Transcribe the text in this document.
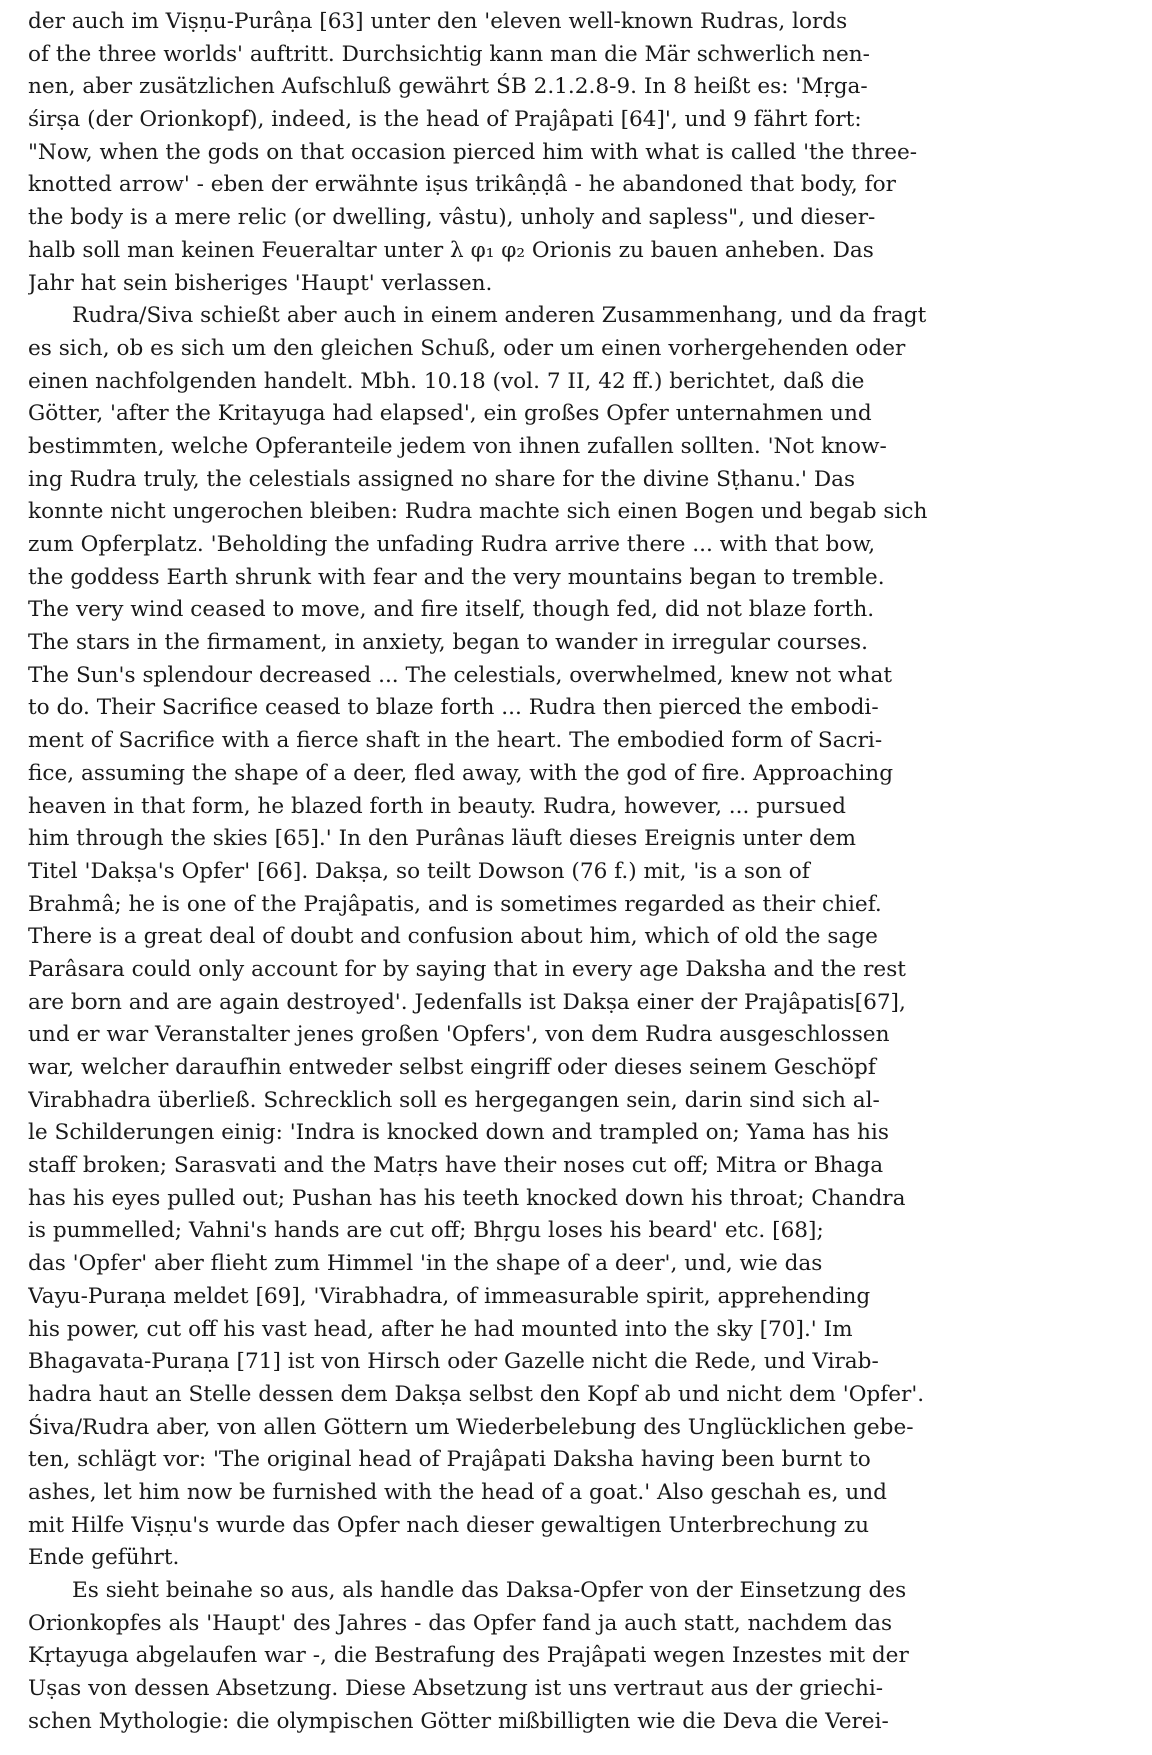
der auch im Viṣṇu-Purâṇa [63] unter den 'eleven well-known Rudras, lords
of the three worlds' auftritt. Durchsichtig kann man die Mär schwerlich nen-
nen, aber zusätzlichen Aufschluß gewährt ŚB 2.1.2.8-9. In 8 heißt es: 'Mṛga-
śirṣa (der Orionkopf), indeed, is the head of Prajâpati [64]', und 9 fährt fort:
"Now, when the gods on that occasion pierced him with what is called 'the three-
knotted arrow' - eben der erwähnte iṣus trikâṇḍâ - he abandoned that body, for
the body is a mere relic (or dwelling, vâstu), unholy and sapless", und dieser-
halb soll man keinen Feueraltar unter λ φ₁ φ₂ Orionis zu bauen anheben. Das
Jahr hat sein bisheriges 'Haupt' verlassen.
Rudra/Siva schießt aber auch in einem anderen Zusammenhang, und da fragt
es sich, ob es sich um den gleichen Schuß, oder um einen vorhergehenden oder
einen nachfolgenden handelt. Mbh. 10.18 (vol. 7 II, 42 ff.) berichtet, daß die
Götter, 'after the Kritayuga had elapsed', ein großes Opfer unternahmen und
bestimmten, welche Opferanteile jedem von ihnen zufallen sollten. 'Not know-
ing Rudra truly, the celestials assigned no share for the divine Sṭhanu.' Das
konnte nicht ungerochen bleiben: Rudra machte sich einen Bogen und begab sich
zum Opferplatz. 'Beholding the unfading Rudra arrive there ... with that bow,
the goddess Earth shrunk with fear and the very mountains began to tremble.
The very wind ceased to move, and fire itself, though fed, did not blaze forth.
The stars in the firmament, in anxiety, began to wander in irregular courses.
The Sun's splendour decreased ... The celestials, overwhelmed, knew not what
to do. Their Sacrifice ceased to blaze forth ... Rudra then pierced the embodi-
ment of Sacrifice with a fierce shaft in the heart. The embodied form of Sacri-
fice, assuming the shape of a deer, fled away, with the god of fire. Approaching
heaven in that form, he blazed forth in beauty. Rudra, however, ... pursued
him through the skies [65].' In den Purânas läuft dieses Ereignis unter dem
Titel 'Dakṣa's Opfer' [66]. Dakṣa, so teilt Dowson (76 f.) mit, 'is a son of
Brahmâ; he is one of the Prajâpatis, and is sometimes regarded as their chief.
There is a great deal of doubt and confusion about him, which of old the sage
Parâsara could only account for by saying that in every age Daksha and the rest
are born and are again destroyed'. Jedenfalls ist Dakṣa einer der Prajâpatis[67],
und er war Veranstalter jenes großen 'Opfers', von dem Rudra ausgeschlossen
war, welcher daraufhin entweder selbst eingriff oder dieses seinem Geschöpf
Virabhadra überließ. Schrecklich soll es hergegangen sein, darin sind sich al-
le Schilderungen einig: 'Indra is knocked down and trampled on; Yama has his
staff broken; Sarasvati and the Matṛs have their noses cut off; Mitra or Bhaga
has his eyes pulled out; Pushan has his teeth knocked down his throat; Chandra
is pummelled; Vahni's hands are cut off; Bhṛgu loses his beard' etc. [68];
das 'Opfer' aber flieht zum Himmel 'in the shape of a deer', und, wie das
Vayu-Puraṇa meldet [69], 'Virabhadra, of immeasurable spirit, apprehending
his power, cut off his vast head, after he had mounted into the sky [70].' Im
Bhagavata-Puraṇa [71] ist von Hirsch oder Gazelle nicht die Rede, und Virab-
hadra haut an Stelle dessen dem Dakṣa selbst den Kopf ab und nicht dem 'Opfer'.
Śiva/Rudra aber, von allen Göttern um Wiederbelebung des Unglücklichen gebe-
ten, schlägt vor: 'The original head of Prajâpati Daksha having been burnt to
ashes, let him now be furnished with the head of a goat.' Also geschah es, und
mit Hilfe Viṣṇu's wurde das Opfer nach dieser gewaltigen Unterbrechung zu
Ende geführt.
Es sieht beinahe so aus, als handle das Daksa-Opfer von der Einsetzung des
Orionkopfes als 'Haupt' des Jahres - das Opfer fand ja auch statt, nachdem das
Kṛtayuga abgelaufen war -, die Bestrafung des Prajâpati wegen Inzestes mit der
Uṣas von dessen Absetzung. Diese Absetzung ist uns vertraut aus der griechi-
schen Mythologie: die olympischen Götter mißbilligten wie die Deva die Verei-
